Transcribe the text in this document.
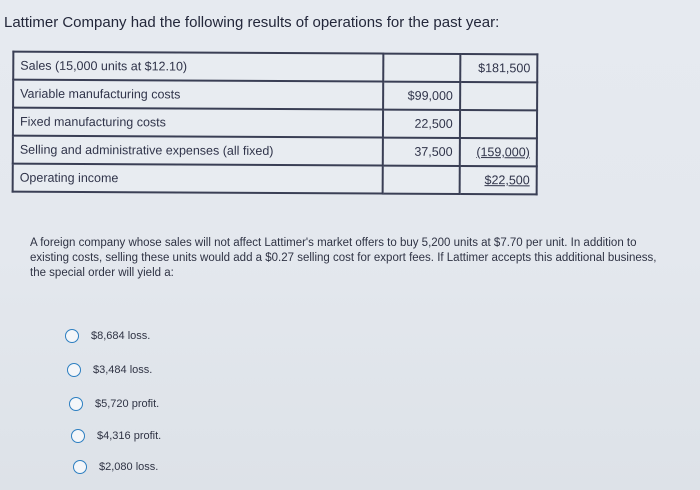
Lattimer Company had the following results of operations for the past year:
Sales (15,000 units at $12.10)		$181,500
Variable manufacturing costs	$99,000	
Fixed manufacturing costs	22,500	
Selling and administrative expenses (all fixed)	37,500	(159,000)
Operating income		$22,500
A foreign company whose sales will not affect Lattimer's market offers to buy 5,200 units at $7.70 per unit. In addition to existing costs, selling these units would add a $0.27 selling cost for export fees. If Lattimer accepts this additional business, the special order will yield a:
$8,684 loss.
$3,484 loss.
$5,720 profit.
$4,316 profit.
$2,080 loss.
